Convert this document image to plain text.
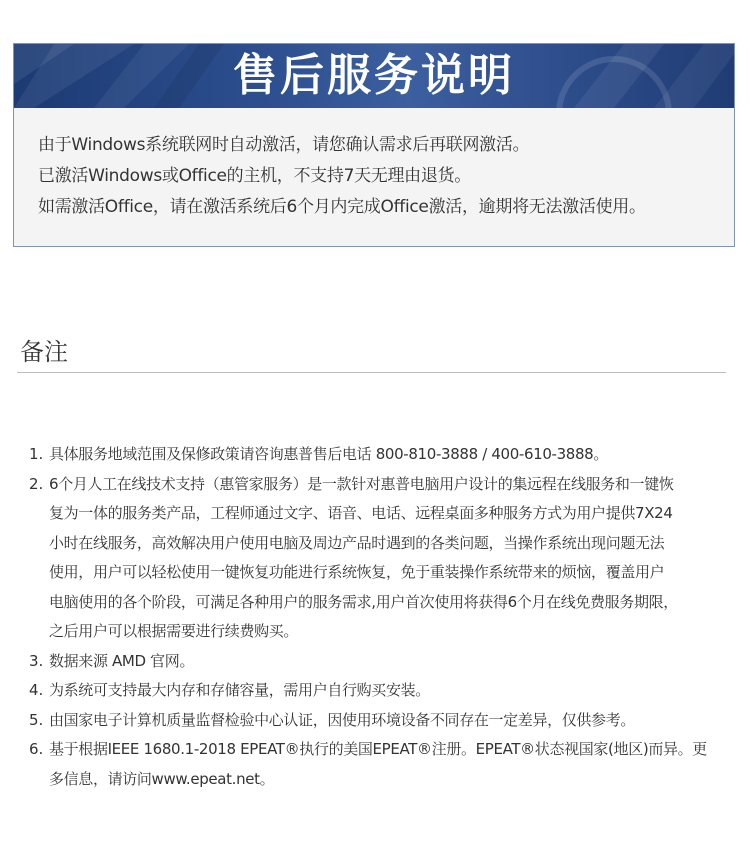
售后服务说明
由于Windows系统联网时自动激活，请您确认需求后再联网激活。
已激活Windows或Office的主机，不支持7天无理由退货。
如需激活Office，请在激活系统后6个月内完成Office激活，逾期将无法激活使用。
备注
1. 具体服务地域范围及保修政策请咨询惠普售后电话 800-810-3888 / 400-610-3888。
2. 6个月人工在线技术支持（惠管家服务）是一款针对惠普电脑用户设计的集远程在线服务和一键恢
复为一体的服务类产品，工程师通过文字、语音、电话、远程桌面多种服务方式为用户提供7X24
小时在线服务，高效解决用户使用电脑及周边产品时遇到的各类问题，当操作系统出现问题无法
使用，用户可以轻松使用一键恢复功能进行系统恢复，免于重装操作系统带来的烦恼，覆盖用户
电脑使用的各个阶段，可满足各种用户的服务需求,用户首次使用将获得6个月在线免费服务期限，
之后用户可以根据需要进行续费购买。
3. 数据来源 AMD 官网。
4. 为系统可支持最大内存和存储容量，需用户自行购买安装。
5. 由国家电子计算机质量监督检验中心认证，因使用环境设备不同存在一定差异，仅供参考。
6. 基于根据IEEE 1680.1-2018 EPEAT®执行的美国EPEAT®注册。EPEAT®状态视国家(地区)而异。更
多信息，请访问www.epeat.net。
